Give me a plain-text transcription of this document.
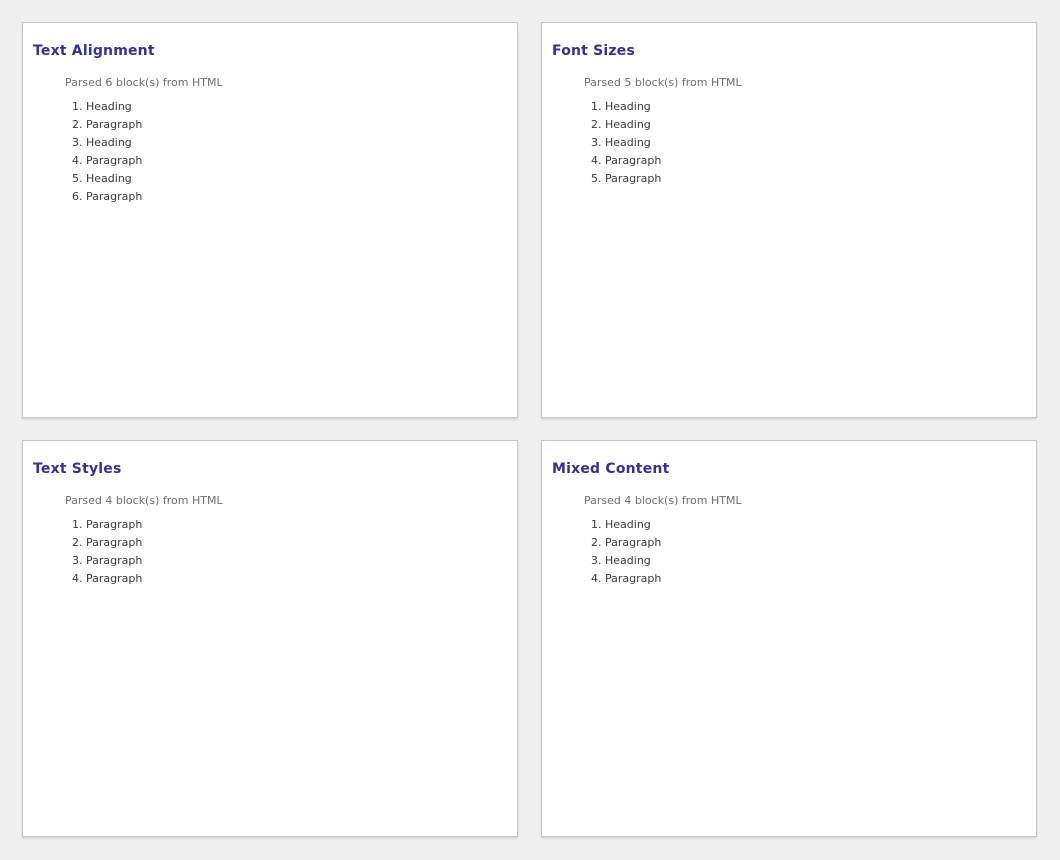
Text Alignment
Parsed 6 block(s) from HTML
1. Heading
2. Paragraph
3. Heading
4. Paragraph
5. Heading
6. Paragraph
Font Sizes
Parsed 5 block(s) from HTML
1. Heading
2. Heading
3. Heading
4. Paragraph
5. Paragraph
Text Styles
Parsed 4 block(s) from HTML
1. Paragraph
2. Paragraph
3. Paragraph
4. Paragraph
Mixed Content
Parsed 4 block(s) from HTML
1. Heading
2. Paragraph
3. Heading
4. Paragraph
